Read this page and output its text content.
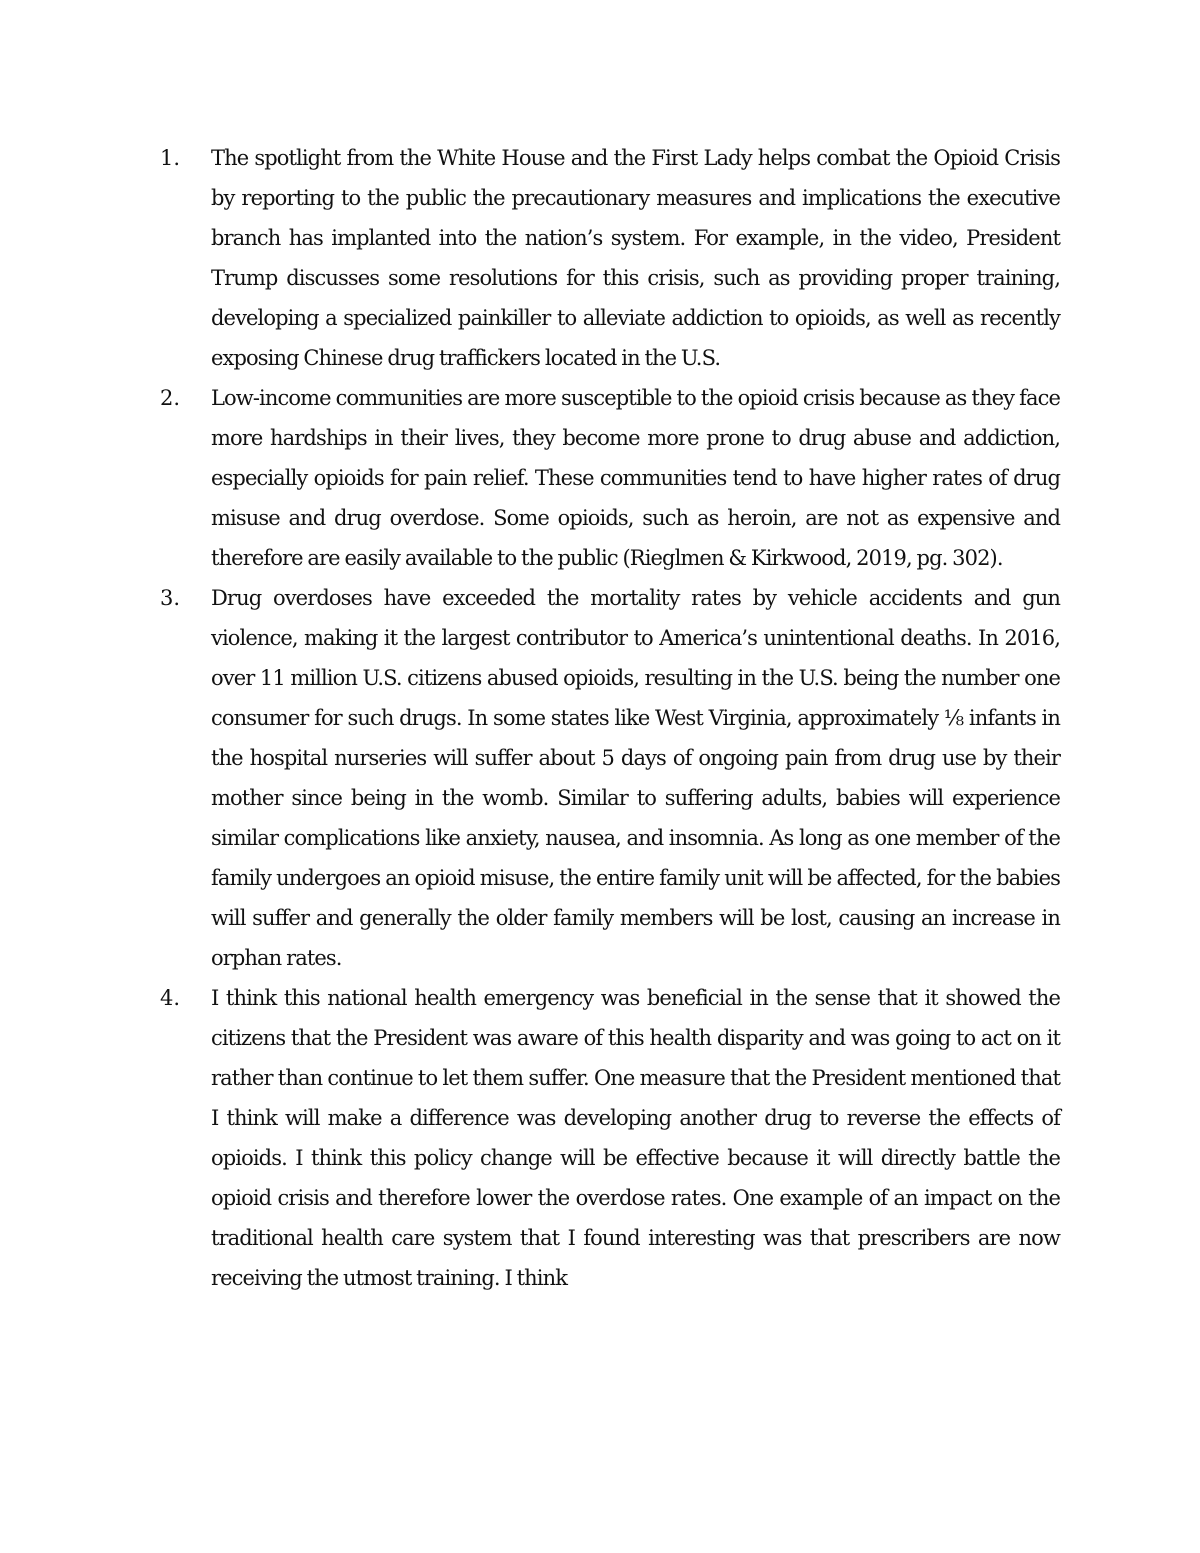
1.	The spotlight from the White House and the First Lady helps combat the Opioid Crisis by reporting to the public the precautionary measures and implications the executive branch has implanted into the nation’s system. For example, in the video, President Trump discusses some resolutions for this crisis, such as providing proper training, developing a specialized painkiller to alleviate addiction to opioids, as well as recently exposing Chinese drug traffickers located in the U.S.
2.	Low-income communities are more susceptible to the opioid crisis because as they face more hardships in their lives, they become more prone to drug abuse and addiction, especially opioids for pain relief. These communities tend to have higher rates of drug misuse and drug overdose. Some opioids, such as heroin, are not as expensive and therefore are easily available to the public (Rieglmen & Kirkwood, 2019, pg. 302).
3.	Drug overdoses have exceeded the mortality rates by vehicle accidents and gun violence, making it the largest contributor to America’s unintentional deaths. In 2016, over 11 million U.S. citizens abused opioids, resulting in the U.S. being the number one consumer for such drugs. In some states like West Virginia, approximately ⅛ infants in the hospital nurseries will suffer about 5 days of ongoing pain from drug use by their mother since being in the womb. Similar to suffering adults, babies will experience similar complications like anxiety, nausea, and insomnia. As long as one member of the family undergoes an opioid misuse, the entire family unit will be affected, for the babies will suffer and generally the older family members will be lost, causing an increase in orphan rates.
4.	I think this national health emergency was beneficial in the sense that it showed the citizens that the President was aware of this health disparity and was going to act on it rather than continue to let them suffer. One measure that the President mentioned that I think will make a difference was developing another drug to reverse the effects of opioids. I think this policy change will be effective because it will directly battle the opioid crisis and therefore lower the overdose rates. One example of an impact on the traditional health care system that I found interesting was that prescribers are now receiving the utmost training. I think
